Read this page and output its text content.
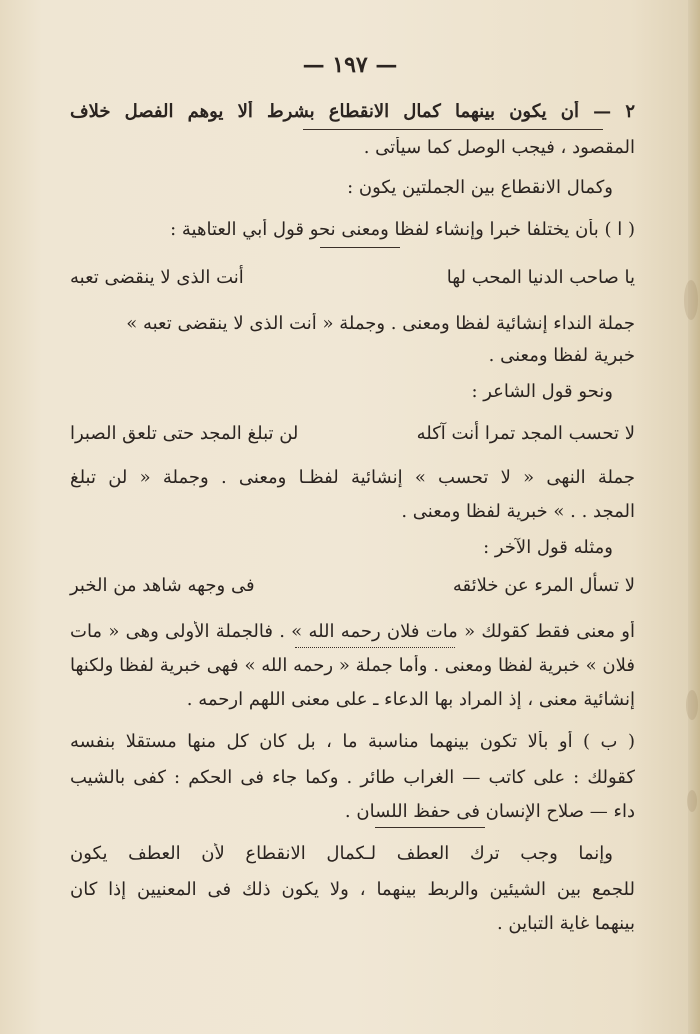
— ١٩٧ —
٢ — أن يكون بينهما كمال الانقطاع بشرط ألا يوهم الفصل خلاف
المقصود ، فيجب الوصل كما سيأتى .
وكمال الانقطاع بين الجملتين يكون :
( ا ) بأن يختلفا خبرا وإنشاء لفظا ومعنى نحو قول أبي العتاهية :
يا صاحب الدنيا المحب لها
أنت الذى لا ينقضى تعبه
جملة النداء إنشائية لفظا ومعنى . وجملة « أنت الذى لا ينقضى تعبه »
خبرية لفظا ومعنى .
ونحو قول الشاعر :
لا تحسب المجد تمرا أنت آكله
لن تبلغ المجد حتى تلعق الصبرا
جملة النهى « لا تحسب » إنشائية لفظـا ومعنى . وجملة « لن تبلغ
المجد . . » خبرية لفظا ومعنى .
ومثله قول الآخر :
لا تسأل المرء عن خلائقه
فى وجهه شاهد من الخبر
أو معنى فقط كقولك « مات فلان رحمه الله » . فالجملة الأولى وهى « مات
فلان » خبرية لفظا ومعنى . وأما جملة « رحمه الله » فهى خبرية لفظا ولكنها
إنشائية معنى ، إذ المراد بها الدعاء ـ على معنى اللهم ارحمه .
( ب ) أو بألا تكون بينهما مناسبة ما ، بل كان كل منها مستقلا بنفسه
كقولك : على كاتب — الغراب طائر . وكما جاء فى الحكم : كفى بالشيب
داء — صلاح الإنسان فى حفظ اللسان .
وإنما وجب ترك العطف لـكمال الانقطاع لأن العطف يكون
للجمع بين الشيئين والربط بينهما ، ولا يكون ذلك فى المعنيين إذا كان
بينهما غاية التباين .
